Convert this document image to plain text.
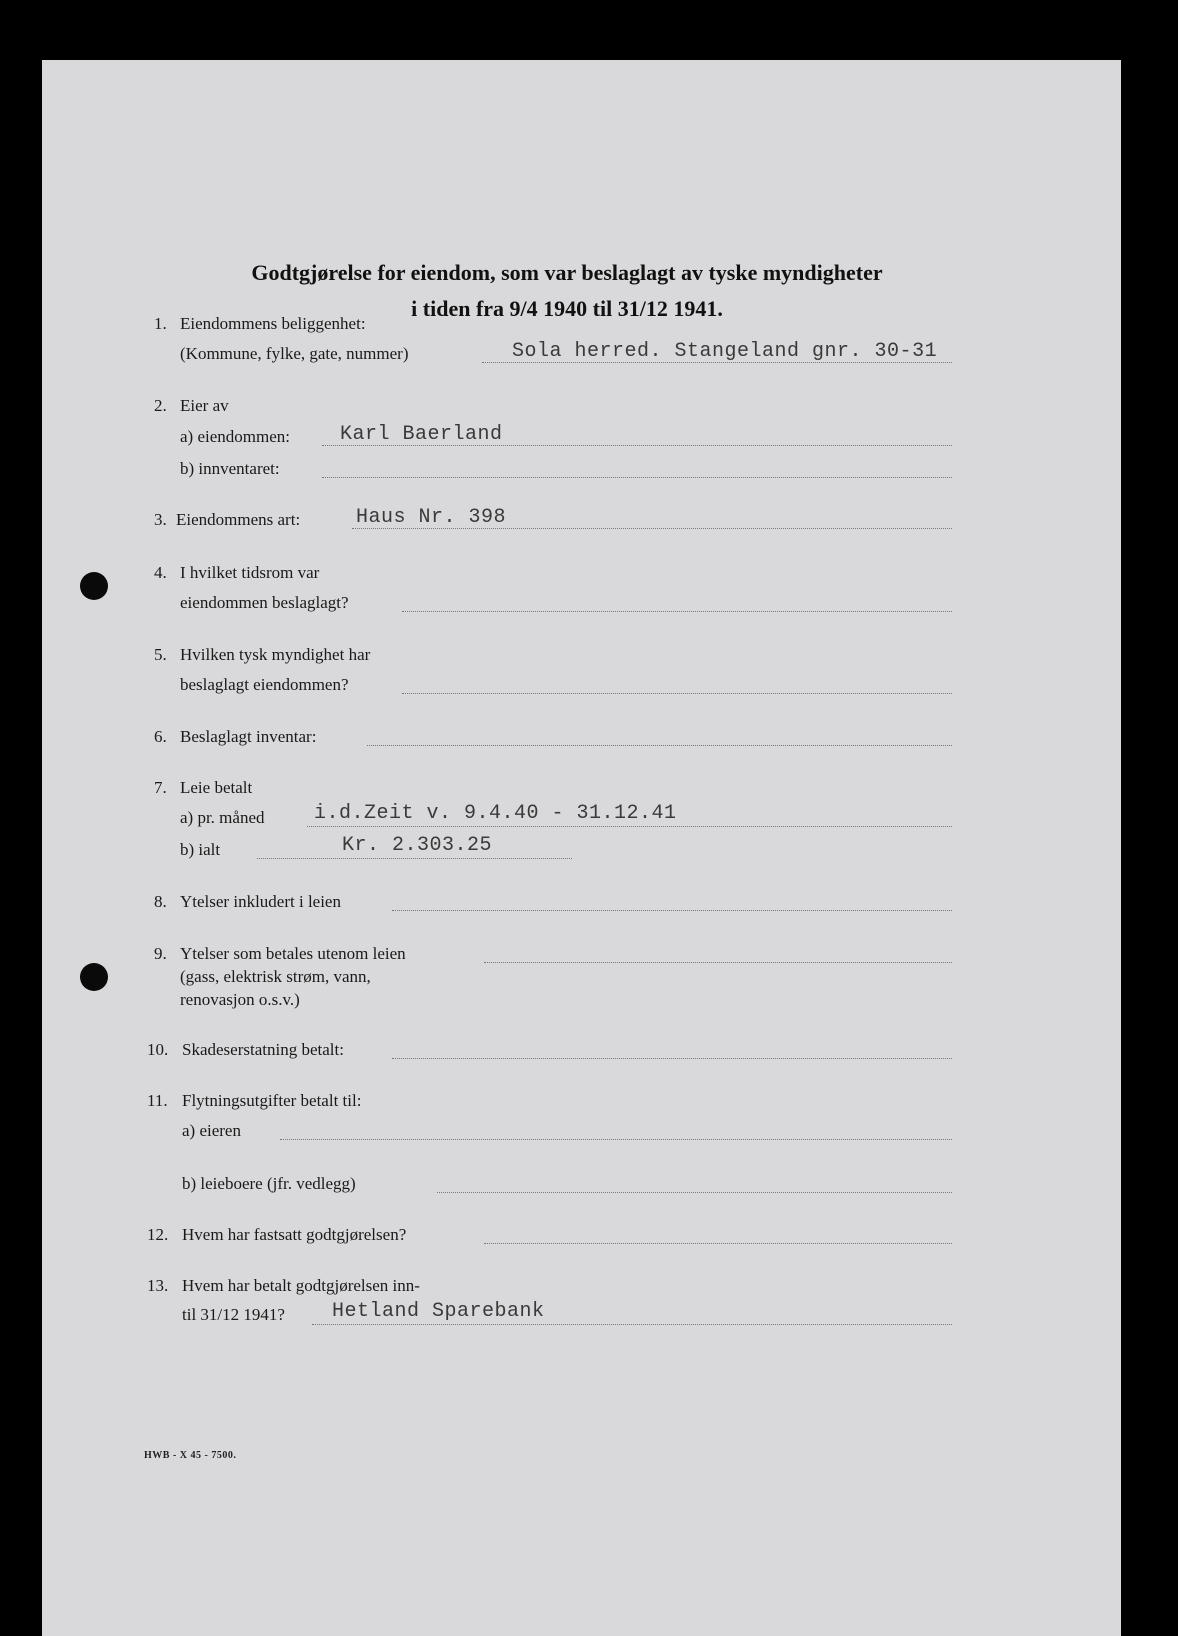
Godtgjørelse for eiendom, som var beslaglagt av tyske myndigheter
i tiden fra 9/4 1940 til 31/12 1941.
1. Eiendommens beliggenhet:
(Kommune, fylke, gate, nummer)	Sola herred. Stangeland gnr. 30-31
2. Eier av
a) eiendommen:	Karl Baerland
b) innventaret:
3. Eiendommens art:	Haus Nr. 398
4. I hvilket tidsrom var
eiendommen beslaglagt?
5. Hvilken tysk myndighet har
beslaglagt eiendommen?
6. Beslaglagt inventar:
7. Leie betalt
a) pr. måned i.d.Zeit v. 9.4.40 - 31.12.41
b) ialt	Kr. 2.303.25
8. Ytelser inkludert i leien
9. Ytelser som betales utenom leien
(gass, elektrisk strøm, vann,
renovasjon o.s.v.)
10. Skadeserstatning betalt:
11. Flytningsutgifter betalt til:
a) eieren
b) leieboere (jfr. vedlegg)
12. Hvem har fastsatt godtgjørelsen?
13. Hvem har betalt godtgjørelsen inn-
til 31/12 1941? Hetland Sparebank
HWB - X 45 - 7500.
